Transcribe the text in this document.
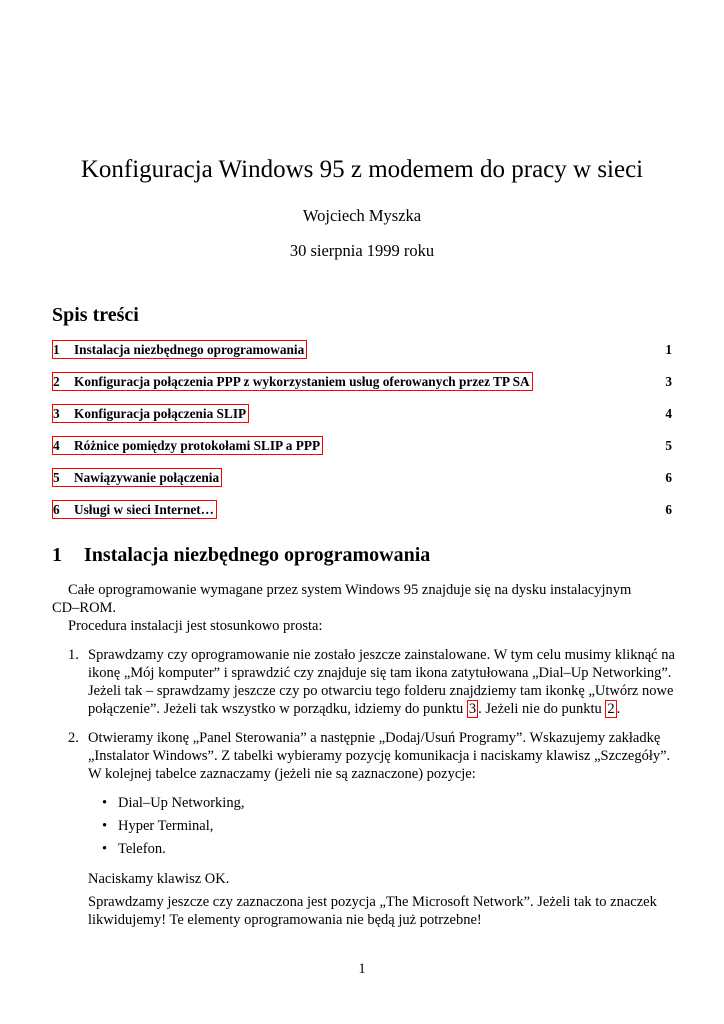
Konfiguracja Windows 95 z modemem do pracy w sieci
Wojciech Myszka
30 sierpnia 1999 roku
Spis treści
1 Instalacja niezbędnego oprogramowania	1
2 Konfiguracja połączenia PPP z wykorzystaniem usług oferowanych przez TP SA	3
3 Konfiguracja połączenia SLIP	4
4 Różnice pomiędzy protokołami SLIP a PPP	5
5 Nawiązywanie połączenia	6
6 Usługi w sieci Internet…	6
1 Instalacja niezbędnego oprogramowania
Całe oprogramowanie wymagane przez system Windows 95 znajduje się na dysku instalacyjnym
CD–ROM.
Procedura instalacji jest stosunkowo prosta:
1. Sprawdzamy czy oprogramowanie nie zostało jeszcze zainstalowane. W tym celu musimy kliknąć na
ikonę „Mój komputer” i sprawdzić czy znajduje się tam ikona zatytułowana „Dial–Up Networking”.
Jeżeli tak – sprawdzamy jeszcze czy po otwarciu tego folderu znajdziemy tam ikonkę „Utwórz nowe
połączenie”. Jeżeli tak wszystko w porządku, idziemy do punktu 3 . Jeżeli nie do punktu 2 .
2. Otwieramy ikonę „Panel Sterowania” a następnie „Dodaj/Usuń Programy”. Wskazujemy zakładkę
„Instalator Windows”. Z tabelki wybieramy pozycję komunikacja i naciskamy klawisz „Szczegóły”.
W kolejnej tabelce zaznaczamy (jeżeli nie są zaznaczone) pozycje:
• Dial–Up Networking,
• Hyper Terminal,
• Telefon.
Naciskamy klawisz OK.
Sprawdzamy jeszcze czy zaznaczona jest pozycja „The Microsoft Network”. Jeżeli tak to znaczek
likwidujemy! Te elementy oprogramowania nie będą już potrzebne!
1
